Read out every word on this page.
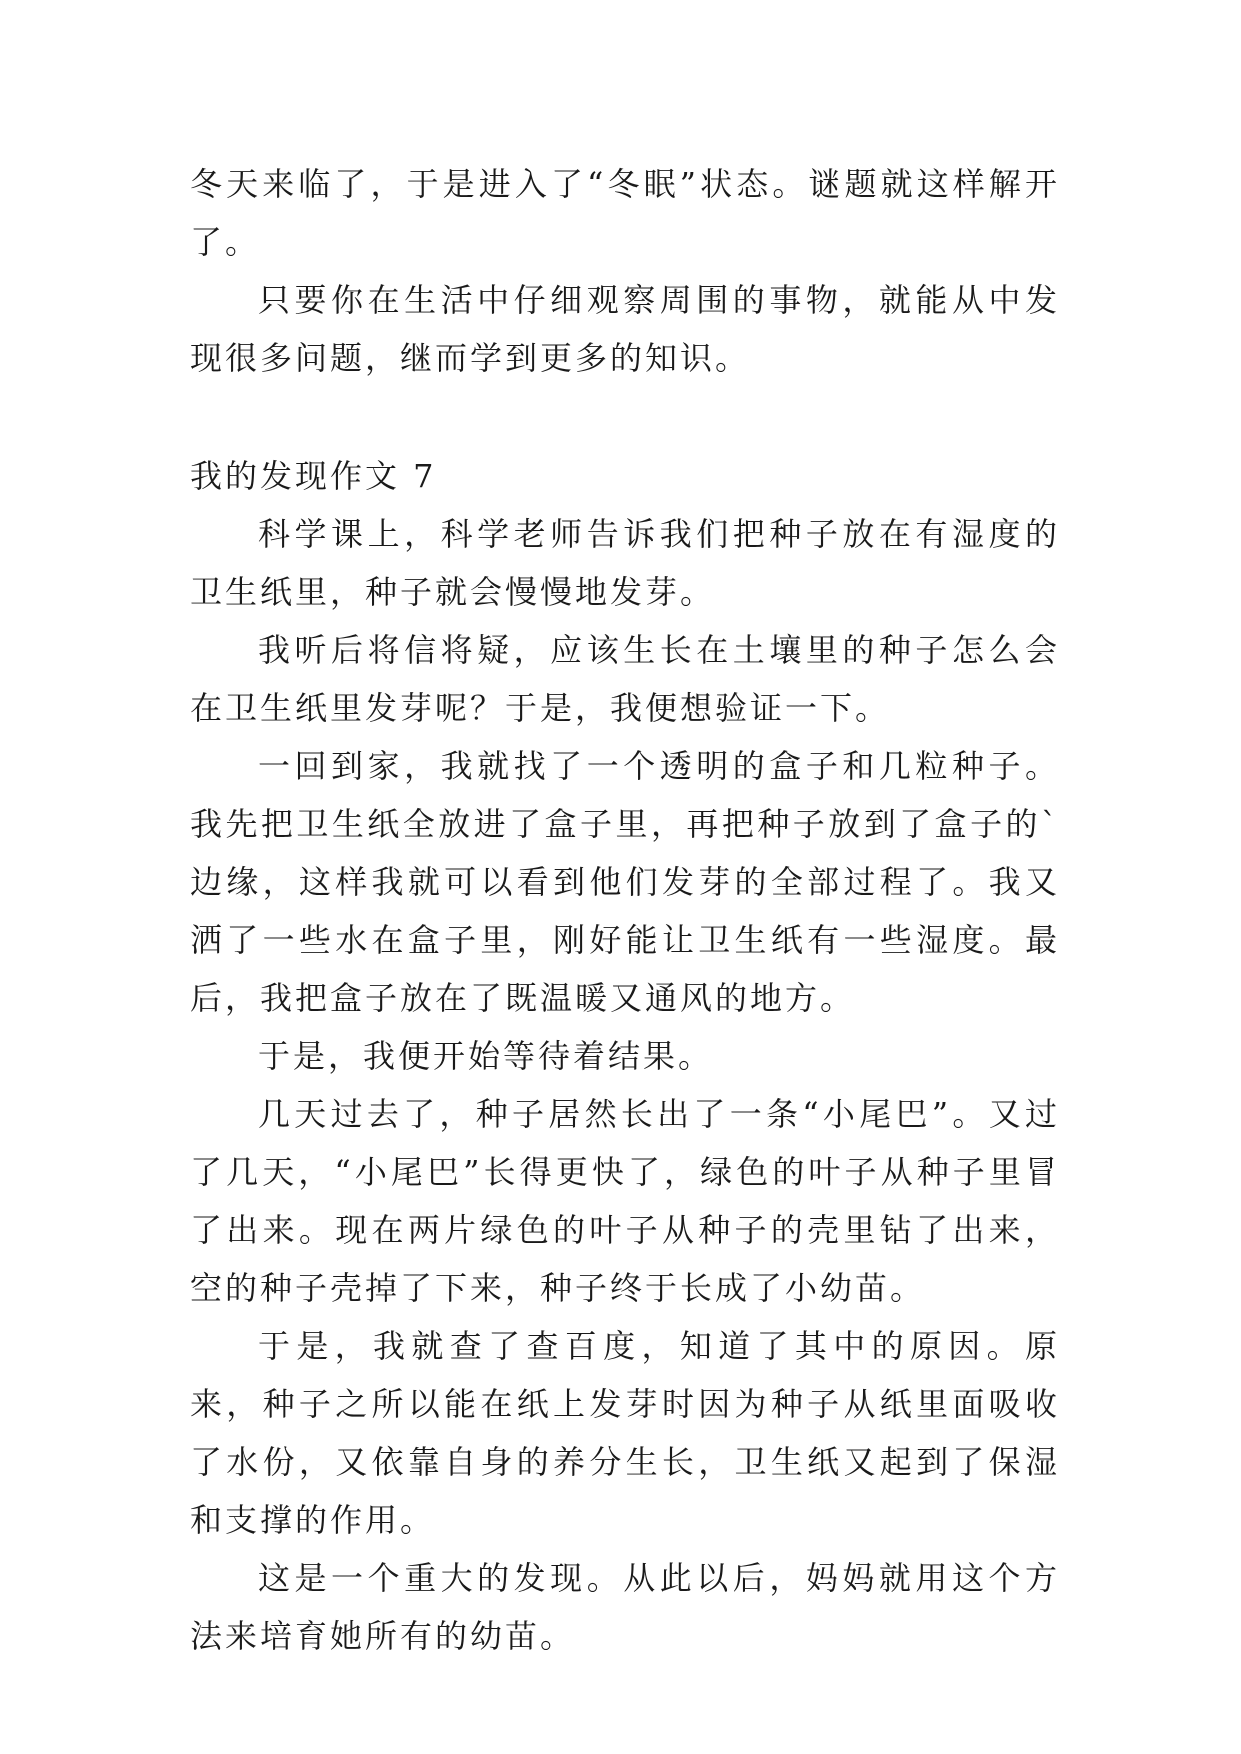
冬天来临了，于是进入了“冬眠”状态。谜题就这样解开了。

只要你在生活中仔细观察周围的事物，就能从中发现很多问题，继而学到更多的知识。

我的发现作文 7

科学课上，科学老师告诉我们把种子放在有湿度的卫生纸里，种子就会慢慢地发芽。

我听后将信将疑，应该生长在土壤里的种子怎么会在卫生纸里发芽呢？于是，我便想验证一下。

一回到家，我就找了一个透明的盒子和几粒种子。我先把卫生纸全放进了盒子里，再把种子放到了盒子的`边缘，这样我就可以看到他们发芽的全部过程了。我又洒了一些水在盒子里，刚好能让卫生纸有一些湿度。最后，我把盒子放在了既温暖又通风的地方。

于是，我便开始等待着结果。

几天过去了，种子居然长出了一条“小尾巴”。又过了几天，“小尾巴”长得更快了，绿色的叶子从种子里冒了出来。现在两片绿色的叶子从种子的壳里钻了出来，空的种子壳掉了下来，种子终于长成了小幼苗。

于是，我就查了查百度，知道了其中的原因。原来，种子之所以能在纸上发芽时因为种子从纸里面吸收了水份，又依靠自身的养分生长，卫生纸又起到了保湿和支撑的作用。

这是一个重大的发现。从此以后，妈妈就用这个方法来培育她所有的幼苗。
